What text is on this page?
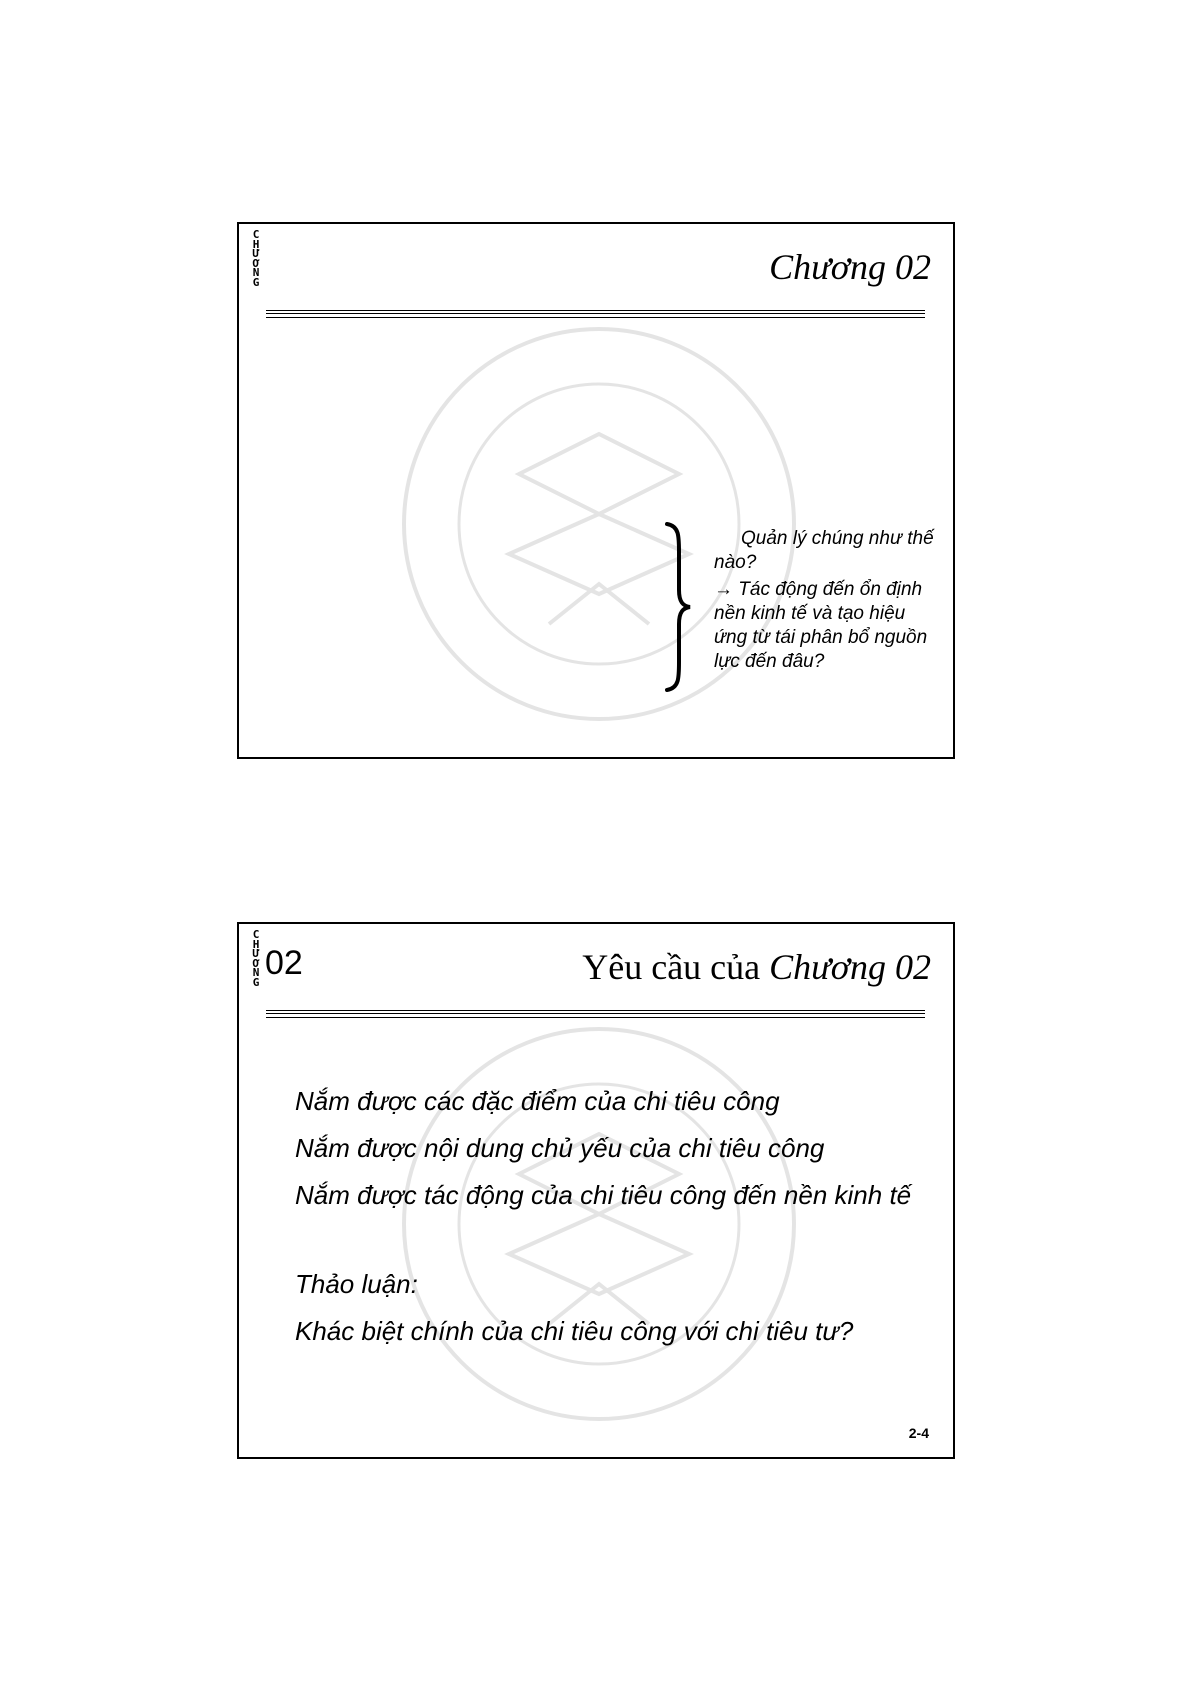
C
H
Ư
Ơ
N
G	Chương 02

Quản lý chúng như thế nào?

→ Tác động đến ổn định nền kinh tế và tạo hiệu ứng từ tái phân bổ nguồn lực đến đâu?

C
H
Ư
Ơ
N
G 02	Yêu cầu của Chương 02

Nắm được các đặc điểm của chi tiêu công

Nắm được nội dung chủ yếu của chi tiêu công

Nắm được tác động của chi tiêu công đến nền kinh tế

Thảo luận:

Khác biệt chính của chi tiêu công với chi tiêu tư?

2-4
